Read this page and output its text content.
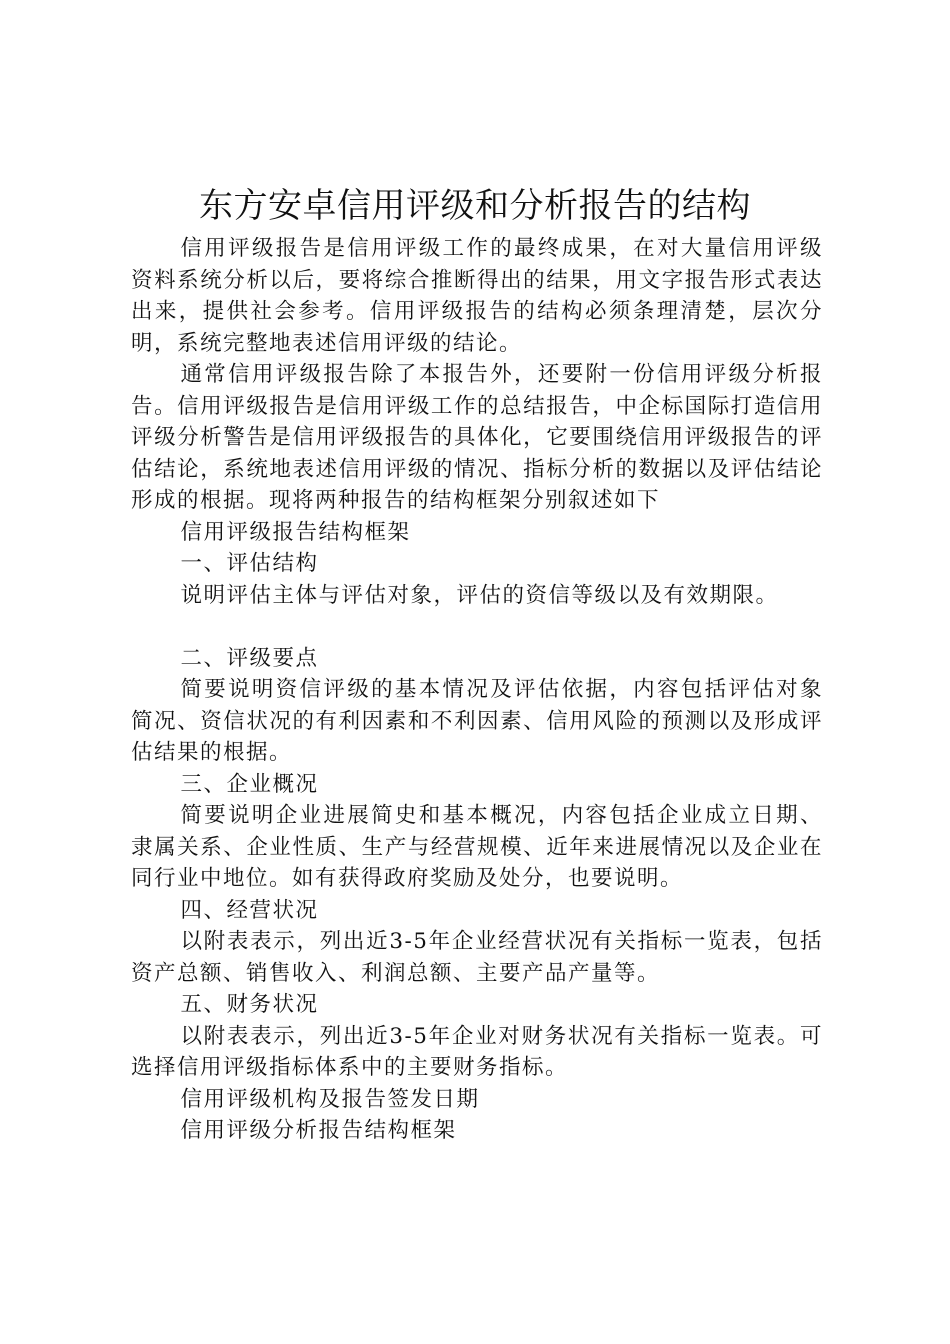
东方安卓信用评级和分析报告的结构

信用评级报告是信用评级工作的最终成果，在对大量信用评级资料系统分析以后，要将综合推断得出的结果，用文字报告形式表达出来，提供社会参考。信用评级报告的结构必须条理清楚，层次分明，系统完整地表述信用评级的结论。

通常信用评级报告除了本报告外，还要附一份信用评级分析报告。信用评级报告是信用评级工作的总结报告，中企标国际打造信用评级分析警告是信用评级报告的具体化，它要围绕信用评级报告的评估结论，系统地表述信用评级的情况、指标分析的数据以及评估结论形成的根据。现将两种报告的结构框架分别叙述如下

信用评级报告结构框架

一、评估结构

说明评估主体与评估对象，评估的资信等级以及有效期限。

二、评级要点

简要说明资信评级的基本情况及评估依据，内容包括评估对象简况、资信状况的有利因素和不利因素、信用风险的预测以及形成评估结果的根据。

三、企业概况

简要说明企业进展简史和基本概况，内容包括企业成立日期、隶属关系、企业性质、生产与经营规模、近年来进展情况以及企业在同行业中地位。如有获得政府奖励及处分，也要说明。

四、经营状况

以附表表示，列出近3-5年企业经营状况有关指标一览表，包括资产总额、销售收入、利润总额、主要产品产量等。

五、财务状况

以附表表示，列出近3-5年企业对财务状况有关指标一览表。可选择信用评级指标体系中的主要财务指标。

信用评级机构及报告签发日期

信用评级分析报告结构框架
